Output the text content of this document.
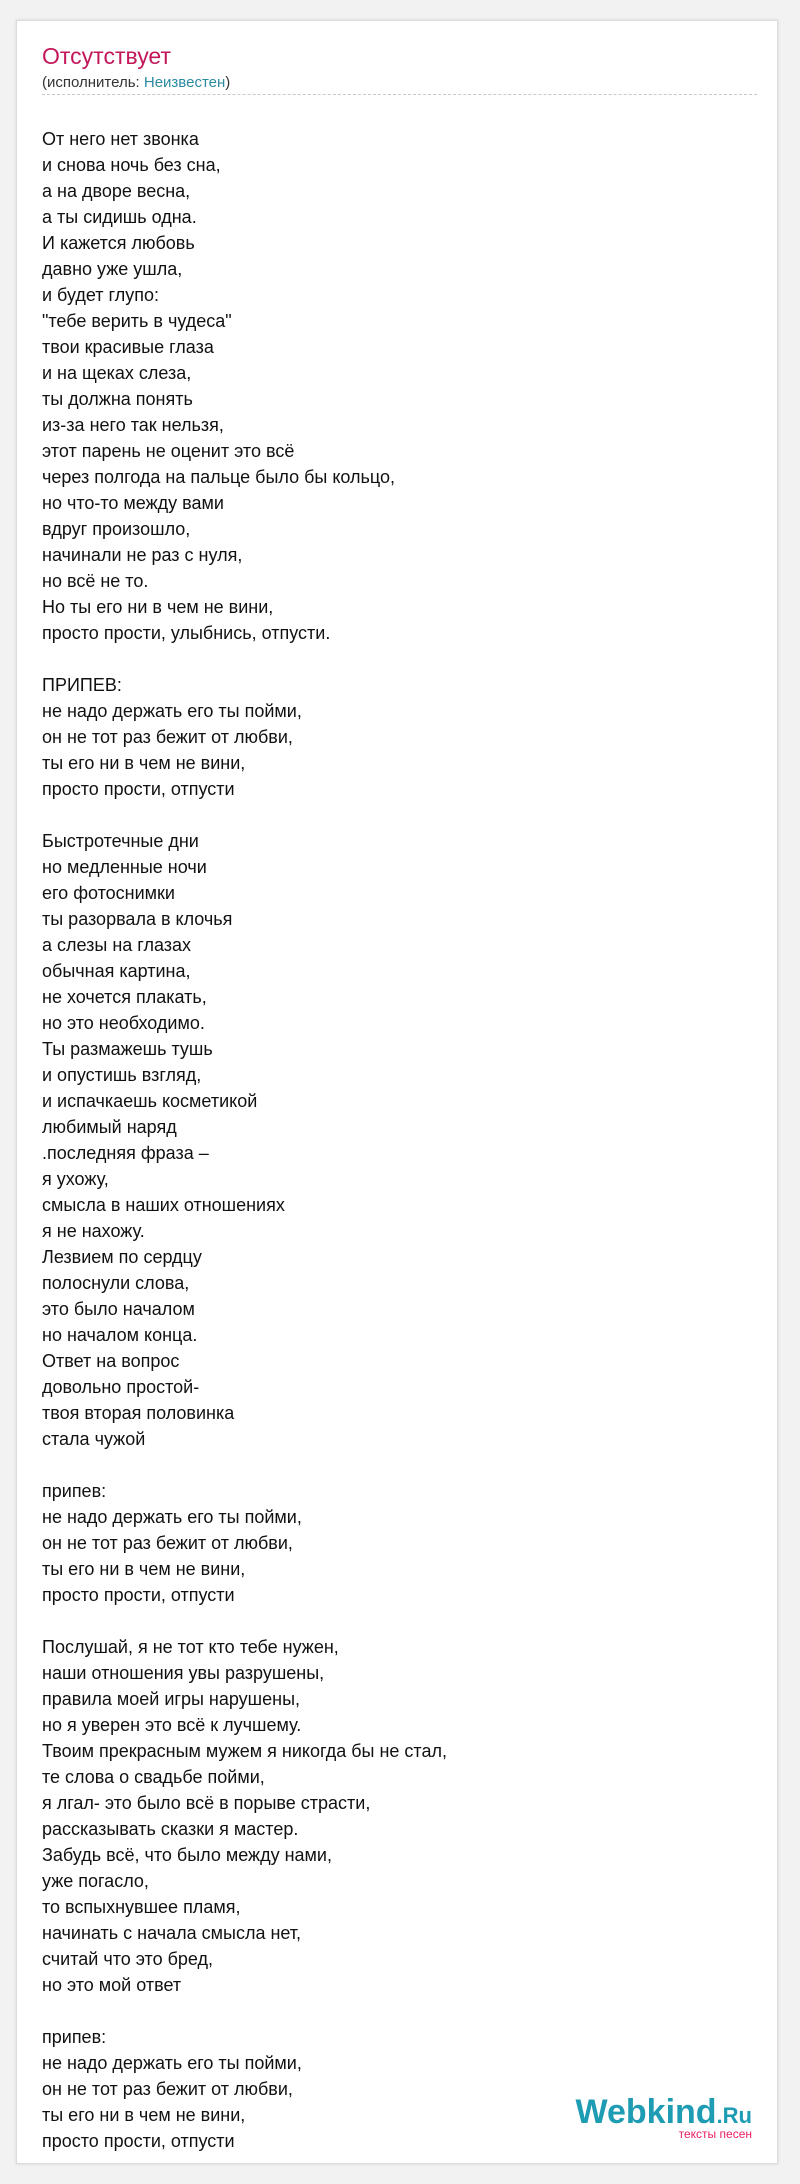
Отсутствует
(исполнитель: Неизвестен)
От него нет звонка
и снова ночь без сна,
а на дворе весна,
а ты сидишь одна.
И кажется любовь
давно уже ушла,
и будет глупо:
"тебе верить в чудеса"
твои красивые глаза
и на щеках слеза,
ты должна понять
из-за него так нельзя,
этот парень не оценит это всё
через полгода на пальце было бы кольцо,
но что-то между вами
вдруг произошло,
начинали не раз с нуля,
но всё не то.
Но ты его ни в чем не вини,
просто прости, улыбнись, отпусти.
ПРИПЕВ:
не надо держать его ты пойми,
он не тот раз бежит от любви,
ты его ни в чем не вини,
просто прости, отпусти
Быстротечные дни
но медленные ночи
его фотоснимки
ты разорвала в клочья
а слезы на глазах
обычная картина,
не хочется плакать,
но это необходимо.
Ты размажешь тушь
и опустишь взгляд,
и испачкаешь косметикой
любимый наряд
.последняя фраза –
я ухожу,
смысла в наших отношениях
я не нахожу.
Лезвием по сердцу
полоснули слова,
это было началом
но началом конца.
Ответ на вопрос
довольно простой-
твоя вторая половинка
стала чужой
припев:
не надо держать его ты пойми,
он не тот раз бежит от любви,
ты его ни в чем не вини,
просто прости, отпусти
Послушай, я не тот кто тебе нужен,
наши отношения увы разрушены,
правила моей игры нарушены,
но я уверен это всё к лучшему.
Твоим прекрасным мужем я никогда бы не стал,
те слова о свадьбе пойми,
я лгал- это было всё в порыве страсти,
рассказывать сказки я мастер.
Забудь всё, что было между нами,
уже погасло,
то вспыхнувшее пламя,
начинать с начала смысла нет,
считай что это бред,
но это мой ответ
припев:
не надо держать его ты пойми,
он не тот раз бежит от любви,
ты его ни в чем не вини,
просто прости, отпусти
Webkind.Ru
тексты песен
